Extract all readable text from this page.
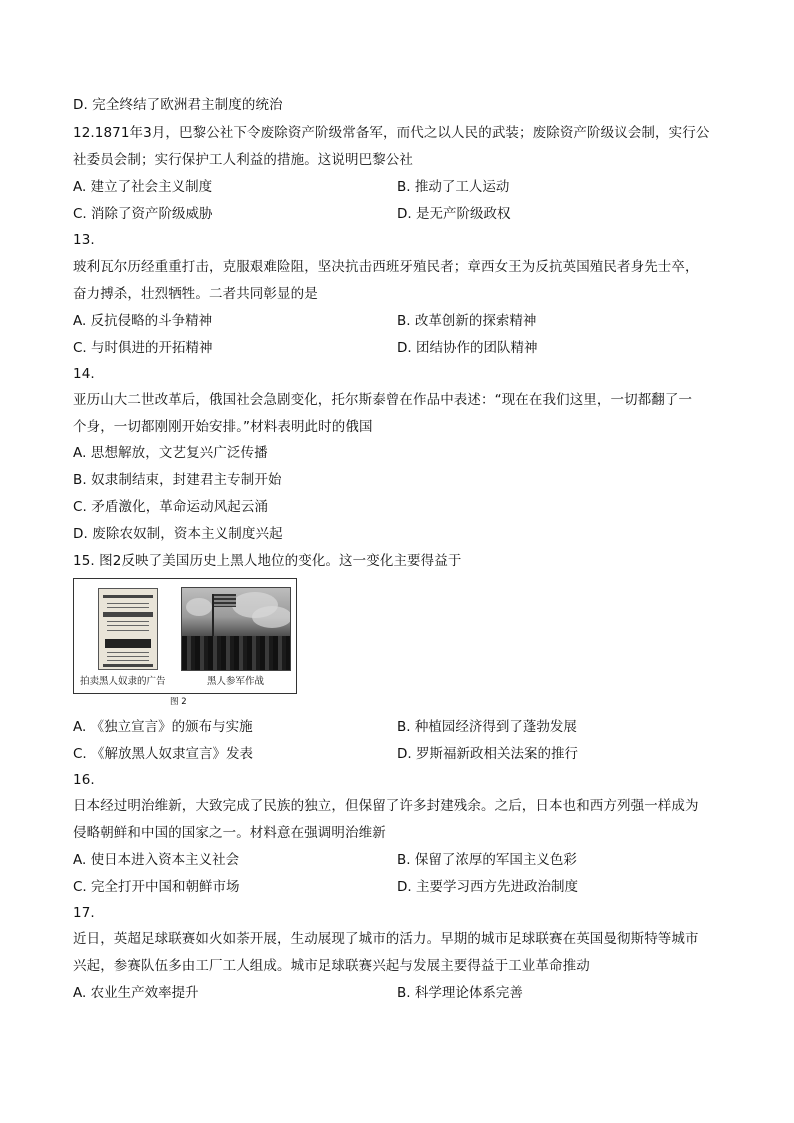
D. 完全终结了欧洲君主制度的统治
12.1871年3月，巴黎公社下令废除资产阶级常备军，而代之以人民的武装；废除资产阶级议会制，实行公
社委员会制；实行保护工人利益的措施。这说明巴黎公社
A. 建立了社会主义制度	B. 推动了工人运动
C. 消除了资产阶级威胁	D. 是无产阶级政权
13.
玻利瓦尔历经重重打击，克服艰难险阻，坚决抗击西班牙殖民者；章西女王为反抗英国殖民者身先士卒，
奋力搏杀，壮烈牺牲。二者共同彰显的是
A. 反抗侵略的斗争精神	B. 改革创新的探索精神
C. 与时俱进的开拓精神	D. 团结协作的团队精神
14.
亚历山大二世改革后，俄国社会急剧变化，托尔斯泰曾在作品中表述：“现在在我们这里，一切都翻了一
个身，一切都刚刚开始安排。”材料表明此时的俄国
A. 思想解放，文艺复兴广泛传播
B. 奴隶制结束，封建君主专制开始
C. 矛盾激化，革命运动风起云涌
D. 废除农奴制，资本主义制度兴起
15. 图2反映了美国历史上黑人地位的变化。这一变化主要得益于
拍卖黑人奴隶的广告	黑人参军作战
图 2
A. 《独立宣言》的颁布与实施	B. 种植园经济得到了蓬勃发展
C. 《解放黑人奴隶宣言》发表	D. 罗斯福新政相关法案的推行
16.
日本经过明治维新，大致完成了民族的独立，但保留了许多封建残余。之后，日本也和西方列强一样成为
侵略朝鲜和中国的国家之一。材料意在强调明治维新
A. 使日本进入资本主义社会	B. 保留了浓厚的军国主义色彩
C. 完全打开中国和朝鲜市场	D. 主要学习西方先进政治制度
17.
近日，英超足球联赛如火如荼开展，生动展现了城市的活力。早期的城市足球联赛在英国曼彻斯特等城市
兴起，参赛队伍多由工厂工人组成。城市足球联赛兴起与发展主要得益于工业革命推动
A. 农业生产效率提升	B. 科学理论体系完善
